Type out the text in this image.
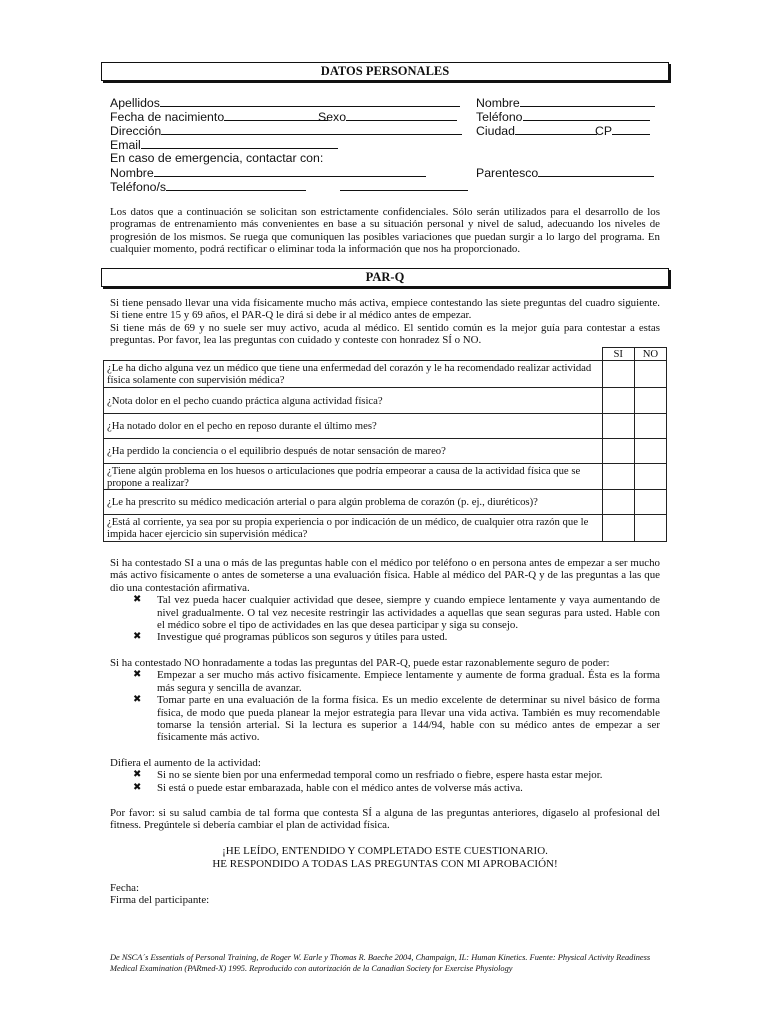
DATOS PERSONALES
Apellidos	Nombre
Fecha de nacimiento	Sexo	Teléfono
Dirección	Ciudad	CP
Email
En caso de emergencia, contactar con:
Nombre	Parentesco
Teléfono/s
Los datos que a continuación se solicitan son estrictamente confidenciales. Sólo serán utilizados para el desarrollo de los programas de entrenamiento más convenientes en base a su situación personal y nivel de salud, adecuando los niveles de progresión de los mismos. Se ruega que comuniquen las posibles variaciones que puedan surgir a lo largo del programa. En cualquier momento, podrá rectificar o eliminar toda la información que nos ha proporcionado.
PAR-Q
Si tiene pensado llevar una vida físicamente mucho más activa, empiece contestando las siete preguntas del cuadro siguiente. Si tiene entre 15 y 69 años, el PAR-Q le dirá si debe ir al médico antes de empezar.
Si tiene más de 69 y no suele ser muy activo, acuda al médico. El sentido común es la mejor guía para contestar a estas preguntas. Por favor, lea las preguntas con cuidado y conteste con honradez SÍ o NO.
	SI	NO
¿Le ha dicho alguna vez un médico que tiene una enfermedad del corazón y le ha recomendado realizar actividad física solamente con supervisión médica?		
¿Nota dolor en el pecho cuando práctica alguna actividad física?		
¿Ha notado dolor en el pecho en reposo durante el último mes?		
¿Ha perdido la conciencia o el equilibrio después de notar sensación de mareo?		
¿Tiene algún problema en los huesos o articulaciones que podría empeorar a causa de la actividad física que se propone a realizar?		
¿Le ha prescrito su médico medicación arterial o para algún problema de corazón (p. ej., diuréticos)?		
¿Está al corriente, ya sea por su propia experiencia o por indicación de un médico, de cualquier otra razón que le impida hacer ejercicio sin supervisión médica?		
Si ha contestado SI a una o más de las preguntas hable con el médico por teléfono o en persona antes de empezar a ser mucho más activo físicamente o antes de someterse a una evaluación física. Hable al médico del PAR-Q y de las preguntas a las que dio una contestación afirmativa.
✖ Tal vez pueda hacer cualquier actividad que desee, siempre y cuando empiece lentamente y vaya aumentando de nivel gradualmente. O tal vez necesite restringir las actividades a aquellas que sean seguras para usted. Hable con el médico sobre el tipo de actividades en las que desea participar y siga su consejo.
✖ Investigue qué programas públicos son seguros y útiles para usted.
Si ha contestado NO honradamente a todas las preguntas del PAR-Q, puede estar razonablemente seguro de poder:
✖ Empezar a ser mucho más activo físicamente. Empiece lentamente y aumente de forma gradual. Ésta es la forma más segura y sencilla de avanzar.
✖ Tomar parte en una evaluación de la forma física. Es un medio excelente de determinar su nivel básico de forma física, de modo que pueda planear la mejor estrategia para llevar una vida activa. También es muy recomendable tomarse la tensión arterial. Si la lectura es superior a 144/94, hable con su médico antes de empezar a ser físicamente más activo.
Difiera el aumento de la actividad:
✖ Si no se siente bien por una enfermedad temporal como un resfriado o fiebre, espere hasta estar mejor.
✖ Si está o puede estar embarazada, hable con el médico antes de volverse más activa.
Por favor: si su salud cambia de tal forma que contesta SÍ a alguna de las preguntas anteriores, dígaselo al profesional del fitness. Pregúntele si debería cambiar el plan de actividad física.
¡HE LEÍDO, ENTENDIDO Y COMPLETADO ESTE CUESTIONARIO.
HE RESPONDIDO A TODAS LAS PREGUNTAS CON MI APROBACIÓN!
Fecha:
Firma del participante:
De NSCA´s Essentials of Personal Training, de Roger W. Earle y Thomas R. Baeche 2004, Champaign, IL: Human Kinetics. Fuente: Physical Activity Readiness Medical Examination (PARmed-X) 1995. Reproducido con autorización de la Canadian Society for Exercise Physiology
